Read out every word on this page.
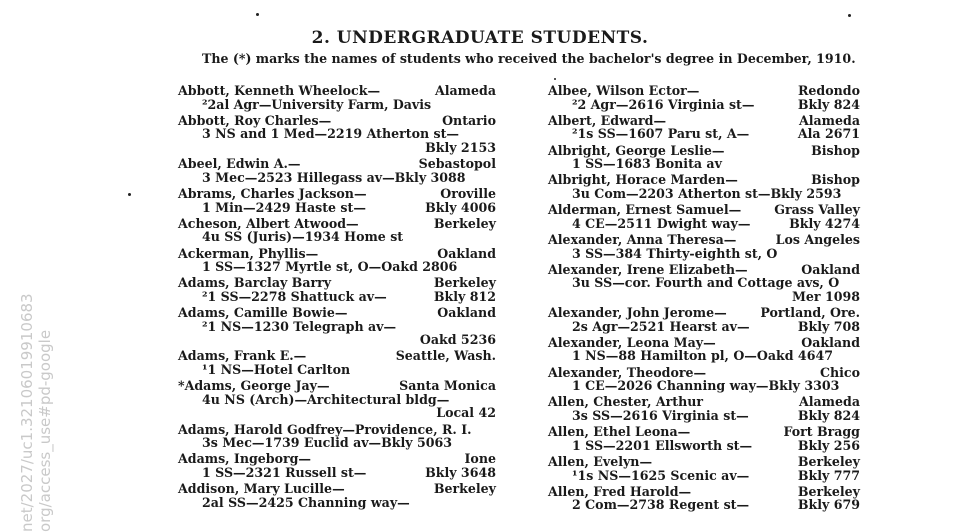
2. UNDERGRADUATE STUDENTS.
The (*) marks the names of students who received the bachelor's degree in December, 1910.
Abbott, Kenneth Wheelock—	Alameda
²2al Agr—University Farm, Davis
Abbott, Roy Charles—	Ontario
3 NS and 1 Med—2219 Atherton st—
Bkly 2153
Abeel, Edwin A.—	Sebastopol
3 Mec—2523 Hillegass av—Bkly 3088
Abrams, Charles Jackson—	Oroville
1 Min—2429 Haste st—	Bkly 4006
Acheson, Albert Atwood—	Berkeley
4u SS (Juris)—1934 Home st
Ackerman, Phyllis—	Oakland
1 SS—1327 Myrtle st, O—Oakd 2806
Adams, Barclay Barry	Berkeley
²1 SS—2278 Shattuck av—	Bkly 812
Adams, Camille Bowie—	Oakland
²1 NS—1230 Telegraph av—
Oakd 5236
Adams, Frank E.—	Seattle, Wash.
¹1 NS—Hotel Carlton
*Adams, George Jay—	Santa Monica
4u NS (Arch)—Architectural bldg—
Local 42
Adams, Harold Godfrey—Providence, R. I.
3s Mec—1739 Euclid av—Bkly 5063
Adams, Ingeborg—	Ione
1 SS—2321 Russell st—	Bkly 3648
Addison, Mary Lucille—	Berkeley
2al SS—2425 Channing way—
Albee, Wilson Ector—	Redondo
²2 Agr—2616 Virginia st—	Bkly 824
Albert, Edward—	Alameda
²1s SS—1607 Paru st, A—	Ala 2671
Albright, George Leslie—	Bishop
1 SS—1683 Bonita av
Albright, Horace Marden—	Bishop
3u Com—2203 Atherton st—Bkly 2593
Alderman, Ernest Samuel—	Grass Valley
4 CE—2511 Dwight way—	Bkly 4274
Alexander, Anna Theresa—	Los Angeles
3 SS—384 Thirty-eighth st, O
Alexander, Irene Elizabeth—	Oakland
3u SS—cor. Fourth and Cottage avs, O
Mer 1098
Alexander, John Jerome—	Portland, Ore.
2s Agr—2521 Hearst av—	Bkly 708
Alexander, Leona May—	Oakland
1 NS—88 Hamilton pl, O—Oakd 4647
Alexander, Theodore—	Chico
1 CE—2026 Channing way—Bkly 3303
Allen, Chester, Arthur	Alameda
3s SS—2616 Virginia st—	Bkly 824
Allen, Ethel Leona—	Fort Bragg
1 SS—2201 Ellsworth st—	Bkly 256
Allen, Evelyn—	Berkeley
¹1s NS—1625 Scenic av—	Bkly 777
Allen, Fred Harold—	Berkeley
2 Com—2738 Regent st—	Bkly 679
net/2027/uc1.32106019910683 org/access_use#pd-google
